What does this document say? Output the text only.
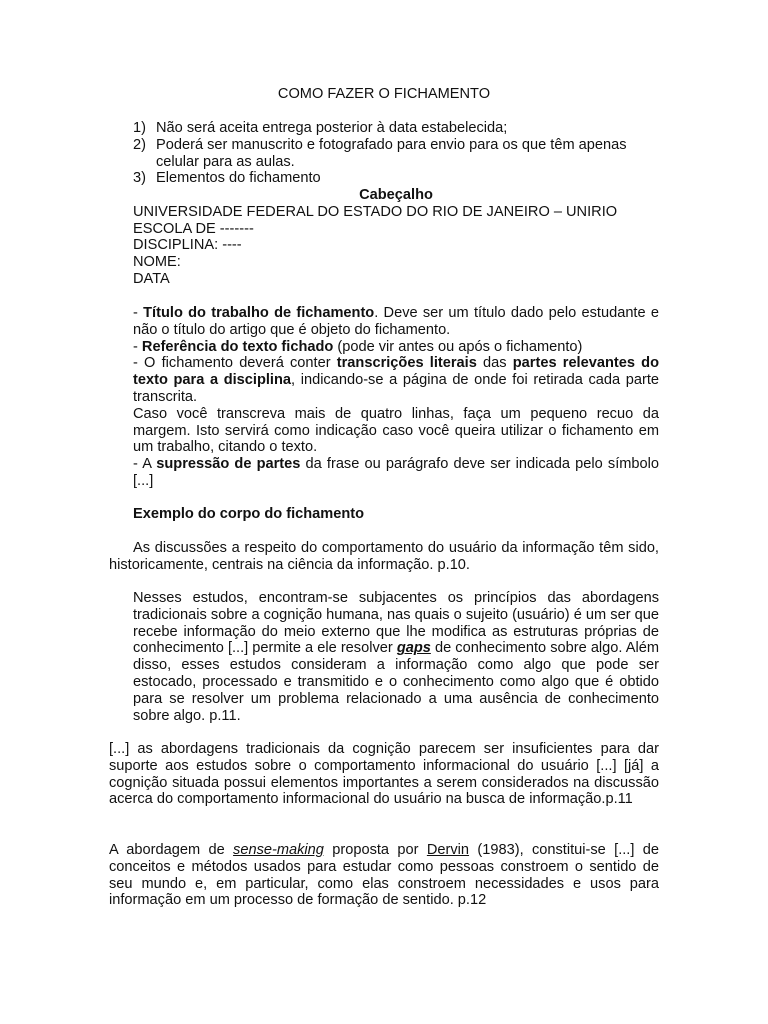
COMO FAZER O FICHAMENTO
1) Não será aceita entrega posterior à data estabelecida;
2) Poderá ser manuscrito e fotografado para envio para os que têm apenas celular para as aulas.
3) Elementos do fichamento
Cabeçalho
UNIVERSIDADE FEDERAL DO ESTADO DO RIO DE JANEIRO – UNIRIO
ESCOLA DE -------
DISCIPLINA: ----
NOME:
DATA

- Título do trabalho de fichamento. Deve ser um título dado pelo estudante e não o título do artigo que é objeto do fichamento.

- Referência do texto fichado (pode vir antes ou após o fichamento)

- O fichamento deverá conter transcrições literais das partes relevantes do texto para a disciplina, indicando-se a página de onde foi retirada cada parte transcrita.

Caso você transcreva mais de quatro linhas, faça um pequeno recuo da margem. Isto servirá como indicação caso você queira utilizar o fichamento em um trabalho, citando o texto.

- A supressão de partes da frase ou parágrafo deve ser indicada pelo símbolo [...]

Exemplo do corpo do fichamento

As discussões a respeito do comportamento do usuário da informação têm sido, historicamente, centrais na ciência da informação. p.10.

Nesses estudos, encontram-se subjacentes os princípios das abordagens tradicionais sobre a cognição humana, nas quais o sujeito (usuário) é um ser que recebe informação do meio externo que lhe modifica as estruturas próprias de conhecimento [...] permite a ele resolver gaps de conhecimento sobre algo. Além disso, esses estudos consideram a informação como algo que pode ser estocado, processado e transmitido e o conhecimento como algo que é obtido para se resolver um problema relacionado a uma ausência de conhecimento sobre algo. p.11.

[...] as abordagens tradicionais da cognição parecem ser insuficientes para dar suporte aos estudos sobre o comportamento informacional do usuário [...] [já] a cognição situada possui elementos importantes a serem considerados na discussão acerca do comportamento informacional do usuário na busca de informação.p.11

A abordagem de sense-making proposta por Dervin (1983), constitui-se [...] de conceitos e métodos usados para estudar como pessoas constroem o sentido de seu mundo e, em particular, como elas constroem necessidades e usos para informação em um processo de formação de sentido. p.12
